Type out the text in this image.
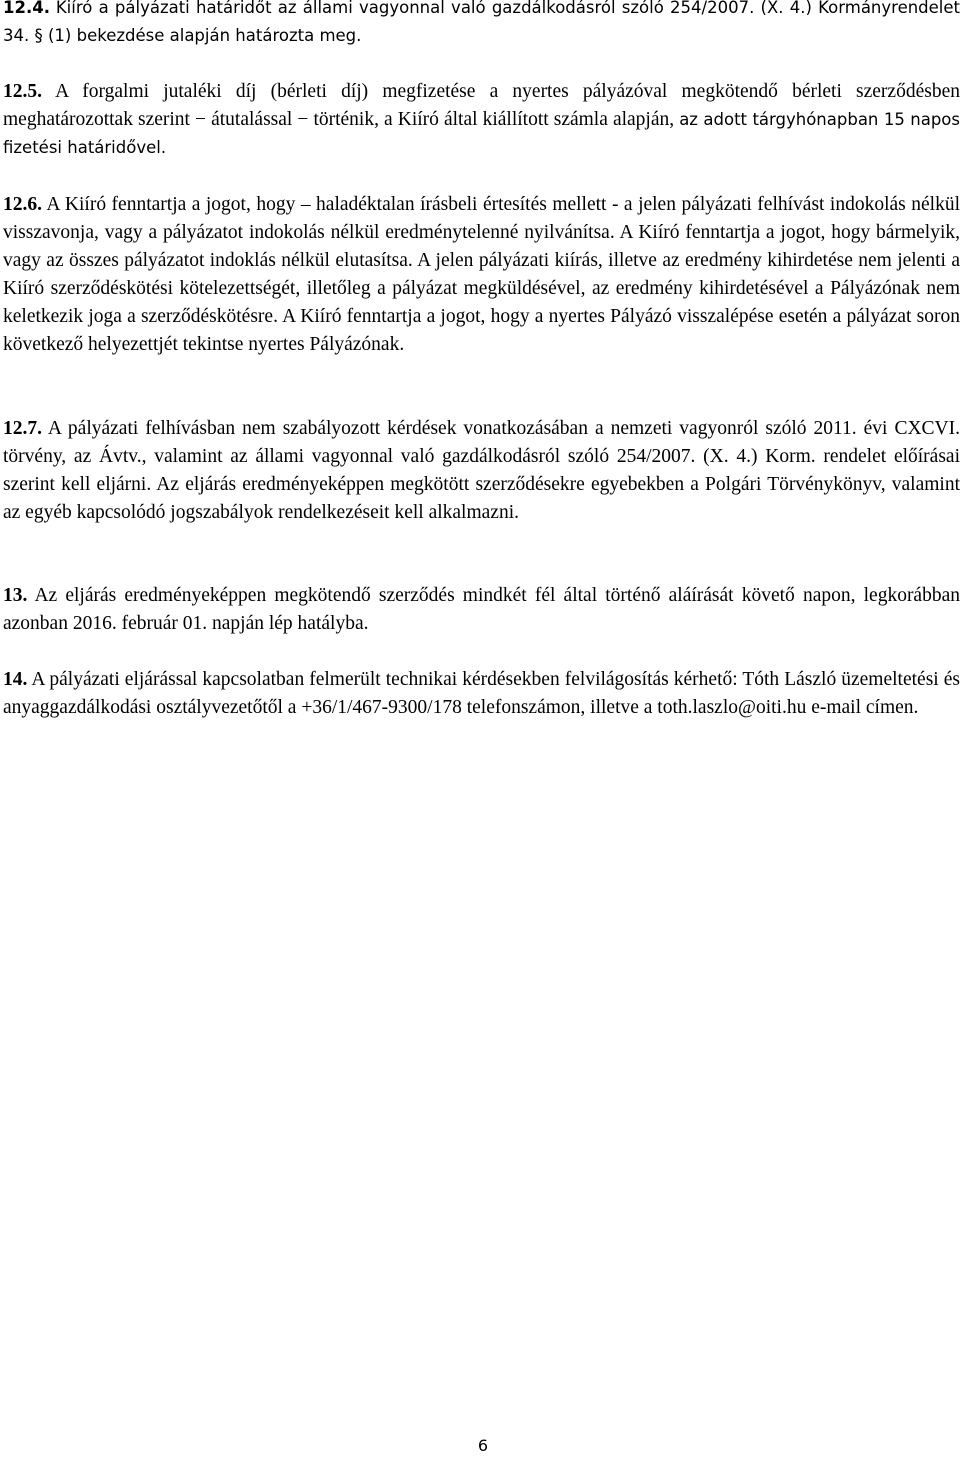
12.4. Kiíró a pályázati határidőt az állami vagyonnal való gazdálkodásról szóló 254/2007. (X. 4.) Kormányrendelet 34. § (1) bekezdése alapján határozta meg.

12.5. A forgalmi jutaléki díj (bérleti díj) megfizetése a nyertes pályázóval megkötendő bérleti szerződésben meghatározottak szerint − átutalással − történik, a Kiíró által kiállított számla alapján, az adott tárgyhónapban 15 napos fizetési határidővel.

12.6. A Kiíró fenntartja a jogot, hogy – haladéktalan írásbeli értesítés mellett - a jelen pályázati felhívást indokolás nélkül visszavonja, vagy a pályázatot indokolás nélkül eredménytelenné nyilvánítsa. A Kiíró fenntartja a jogot, hogy bármelyik, vagy az összes pályázatot indoklás nélkül elutasítsa. A jelen pályázati kiírás, illetve az eredmény kihirdetése nem jelenti a Kiíró szerződéskötési kötelezettségét, illetőleg a pályázat megküldésével, az eredmény kihirdetésével a Pályázónak nem keletkezik joga a szerződéskötésre. A Kiíró fenntartja a jogot, hogy a nyertes Pályázó visszalépése esetén a pályázat soron következő helyezettjét tekintse nyertes Pályázónak.

12.7. A pályázati felhívásban nem szabályozott kérdések vonatkozásában a nemzeti vagyonról szóló 2011. évi CXCVI. törvény, az Ávtv., valamint az állami vagyonnal való gazdálkodásról szóló 254/2007. (X. 4.) Korm. rendelet előírásai szerint kell eljárni. Az eljárás eredményeképpen megkötött szerződésekre egyebekben a Polgári Törvénykönyv, valamint az egyéb kapcsolódó jogszabályok rendelkezéseit kell alkalmazni.

13. Az eljárás eredményeképpen megkötendő szerződés mindkét fél által történő aláírását követő napon, legkorábban azonban 2016. február 01. napján lép hatályba.

14. A pályázati eljárással kapcsolatban felmerült technikai kérdésekben felvilágosítás kérhető: Tóth László üzemeltetési és anyaggazdálkodási osztályvezetőtől a +36/1/467-9300/178 telefonszámon, illetve a toth.laszlo@oiti.hu e-mail címen.

6
